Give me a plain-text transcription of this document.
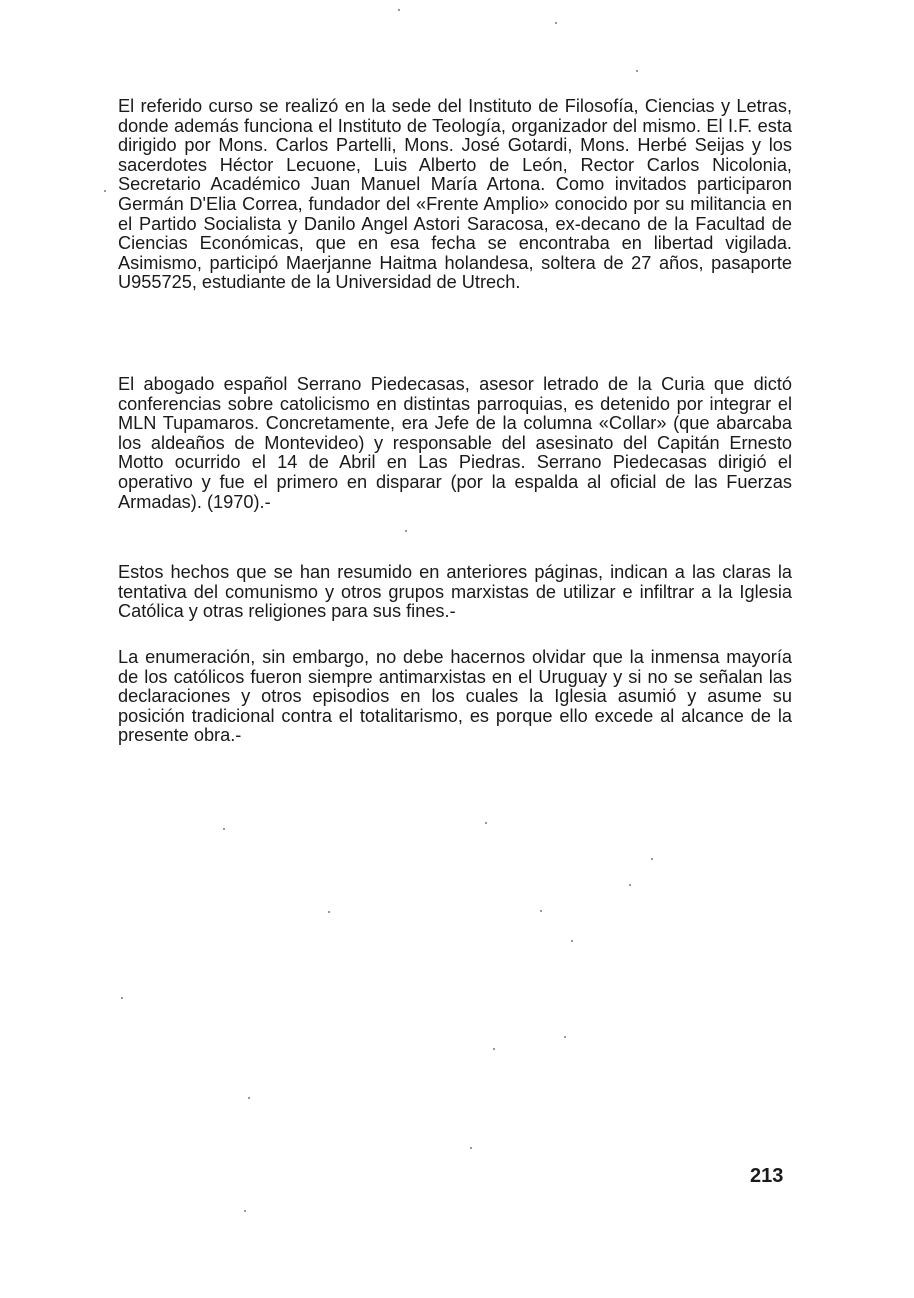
El referido curso se realizó en la sede del Instituto de Filosofía, Ciencias y Letras, donde además funciona el Instituto de Teología, organizador del mismo. El I.F. esta dirigido por Mons. Carlos Partelli, Mons. José Gotardi, Mons. Herbé Seijas y los sacerdotes Héctor Lecuone, Luis Alberto de León, Rector Carlos Nicolonia, Secretario Académico Juan Manuel María Artona. Como invitados participaron Germán D'Elia Correa, fundador del «Frente Amplio» conocido por su militancia en el Partido Socialista y Danilo Angel Astori Saracosa, ex-decano de la Facultad de Ciencias Económicas, que en esa fecha se encontraba en libertad vigilada. Asimismo, participó Maerjanne Haitma holandesa, soltera de 27 años, pasaporte U955725, estudiante de la Universidad de Utrech.

El abogado español Serrano Piedecasas, asesor letrado de la Curia que dictó conferencias sobre catolicismo en distintas parroquias, es detenido por integrar el MLN Tupamaros. Concretamente, era Jefe de la columna «Collar» (que abarcaba los aldeaños de Montevideo) y responsable del asesinato del Capitán Ernesto Motto ocurrido el 14 de Abril en Las Piedras. Serrano Piedecasas dirigió el operativo y fue el primero en disparar (por la espalda al oficial de las Fuerzas Armadas). (1970).-

Estos hechos que se han resumido en anteriores páginas, indican a las claras la tentativa del comunismo y otros grupos marxistas de utilizar e infiltrar a la Iglesia Católica y otras religiones para sus fines.-

La enumeración, sin embargo, no debe hacernos olvidar que la inmensa mayoría de los católicos fueron siempre antimarxistas en el Uruguay y si no se señalan las declaraciones y otros episodios en los cuales la Iglesia asumió y asume su posición tradicional contra el totalitarismo, es porque ello excede al alcance de la presente obra.-

213
